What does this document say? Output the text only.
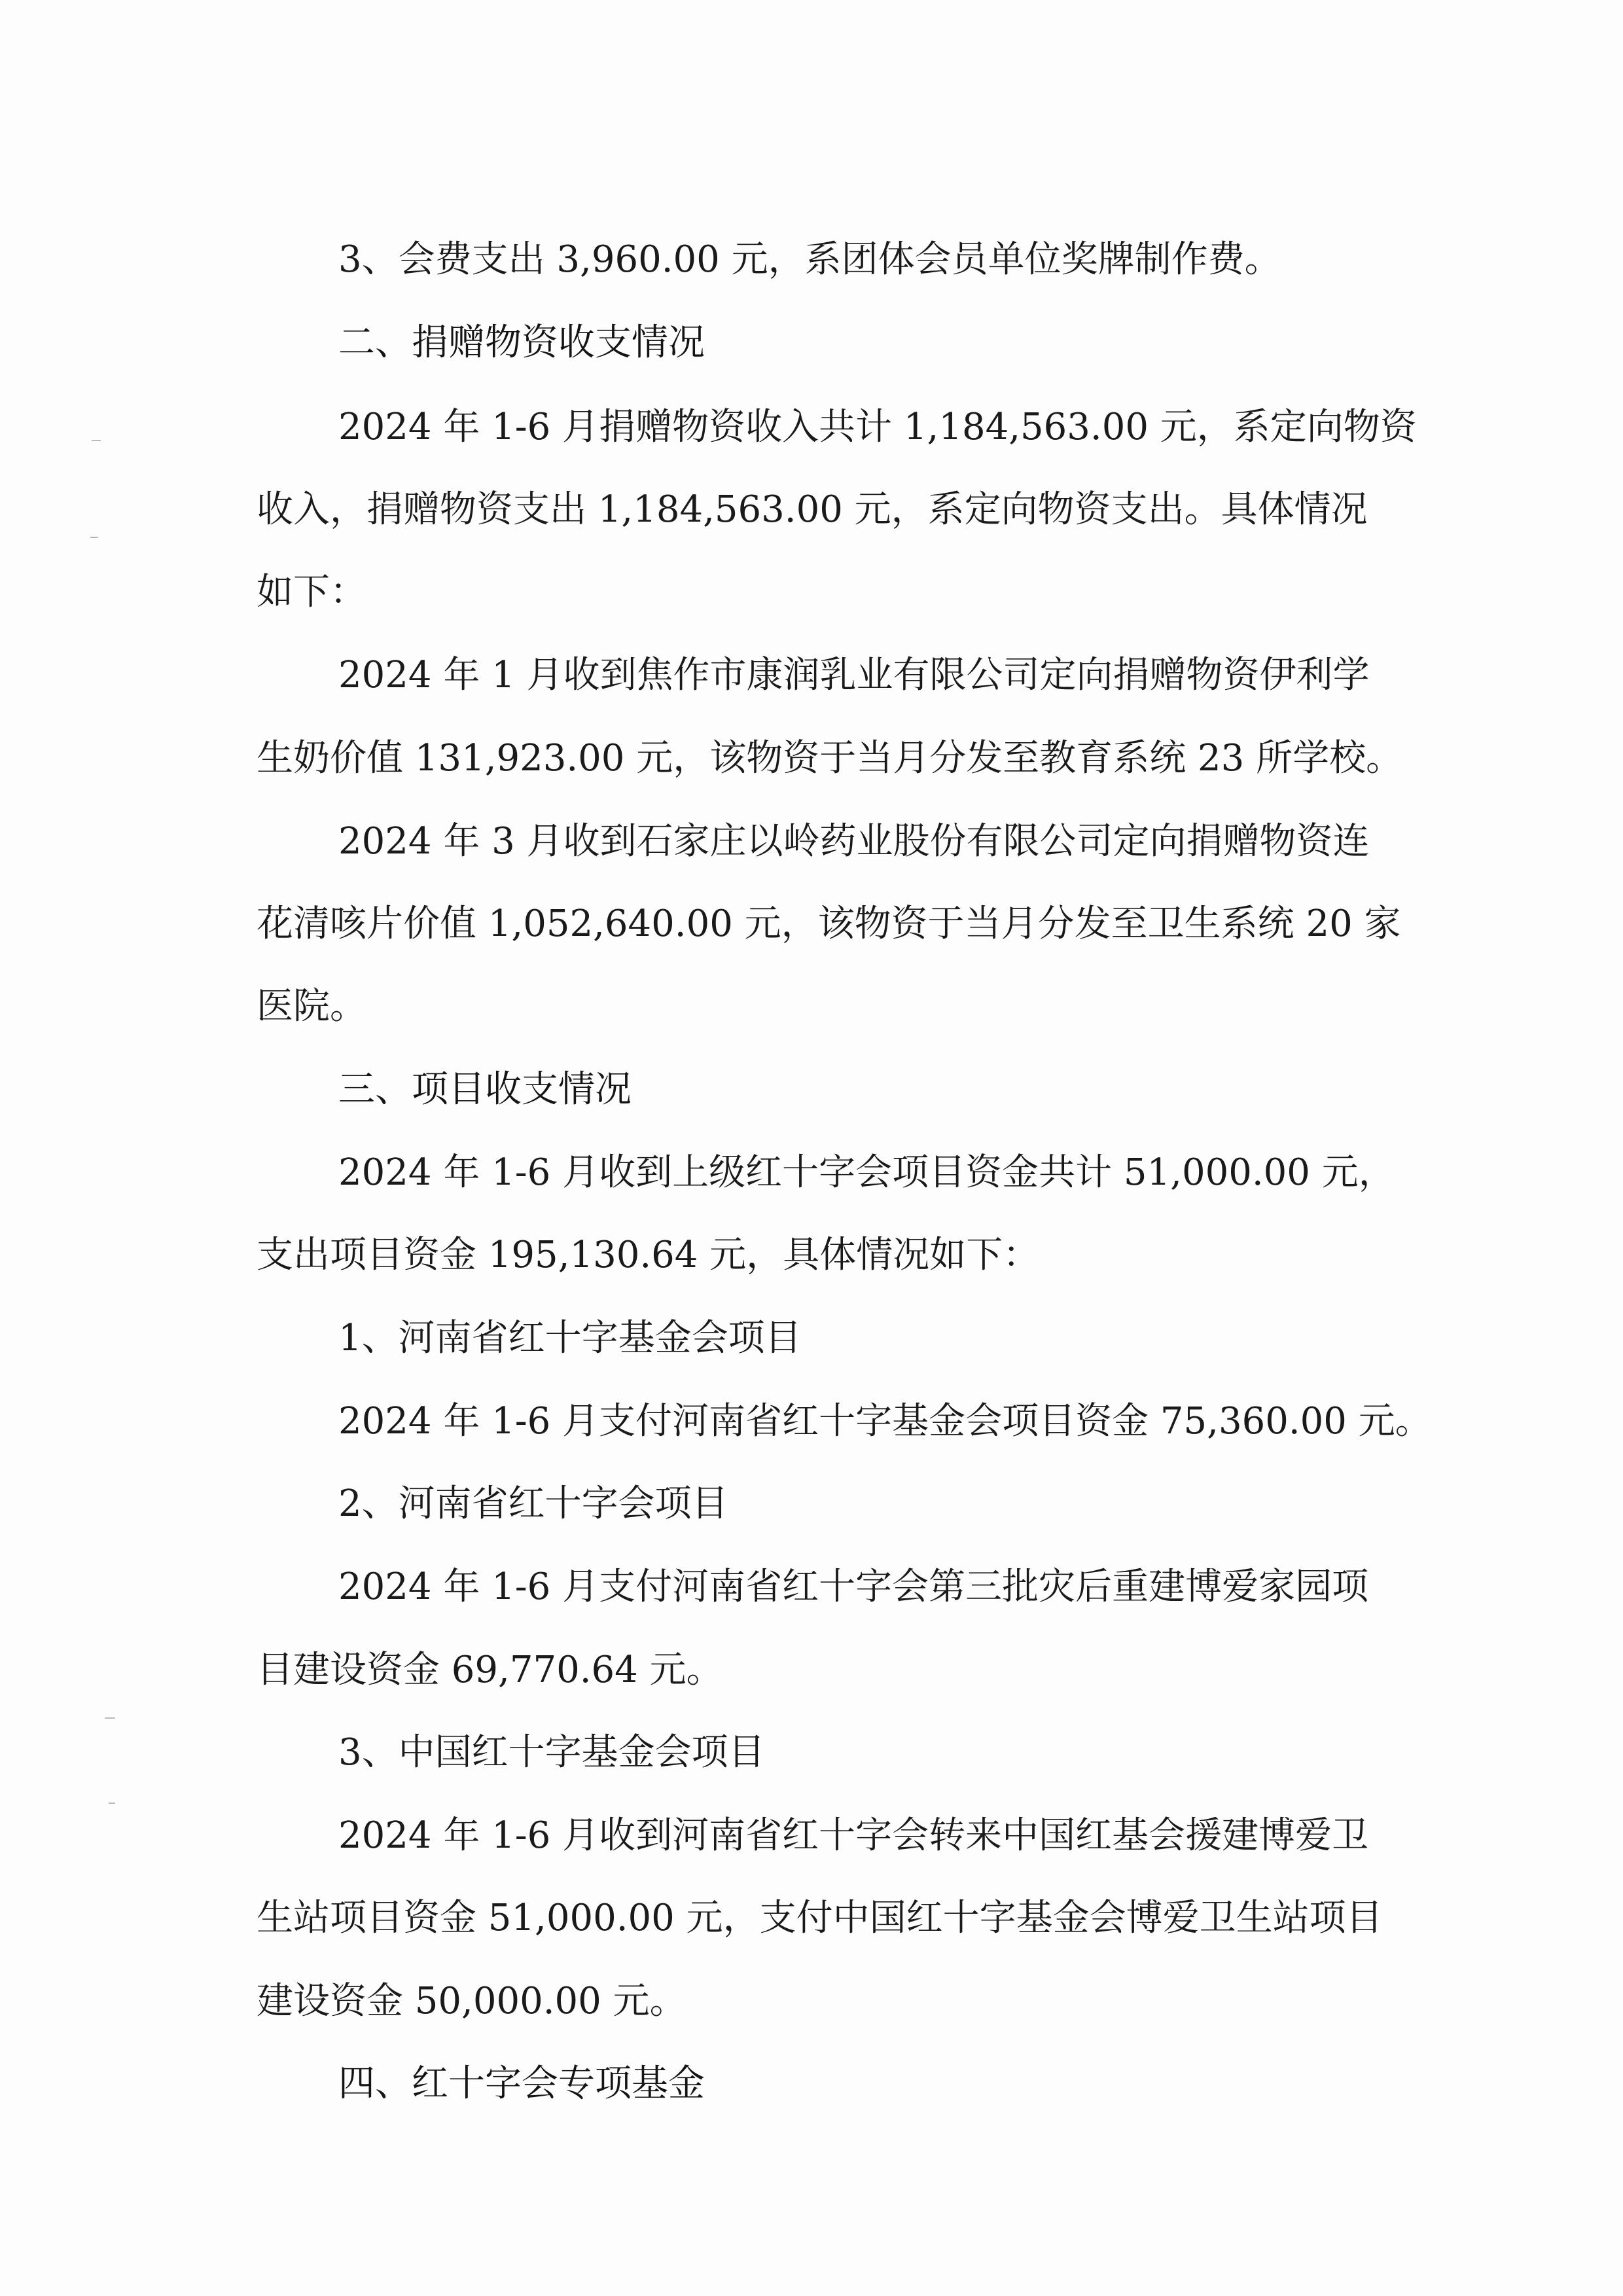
3、会费支出 3,960.00 元，系团体会员单位奖牌制作费。
二、捐赠物资收支情况
2024 年 1-6 月捐赠物资收入共计 1,184,563.00 元，系定向物资
收入，捐赠物资支出 1,184,563.00 元，系定向物资支出。具体情况
如下：
2024 年 1 月收到焦作市康润乳业有限公司定向捐赠物资伊利学
生奶价值 131,923.00 元，该物资于当月分发至教育系统 23 所学校。
2024 年 3 月收到石家庄以岭药业股份有限公司定向捐赠物资连
花清咳片价值 1,052,640.00 元，该物资于当月分发至卫生系统 20 家
医院。
三、项目收支情况
2024 年 1-6 月收到上级红十字会项目资金共计 51,000.00 元，
支出项目资金 195,130.64 元，具体情况如下：
1、河南省红十字基金会项目
2024 年 1-6 月支付河南省红十字基金会项目资金 75,360.00 元。
2、河南省红十字会项目
2024 年 1-6 月支付河南省红十字会第三批灾后重建博爱家园项
目建设资金 69,770.64 元。
3、中国红十字基金会项目
2024 年 1-6 月收到河南省红十字会转来中国红基会援建博爱卫
生站项目资金 51,000.00 元，支付中国红十字基金会博爱卫生站项目
建设资金 50,000.00 元。
四、红十字会专项基金
